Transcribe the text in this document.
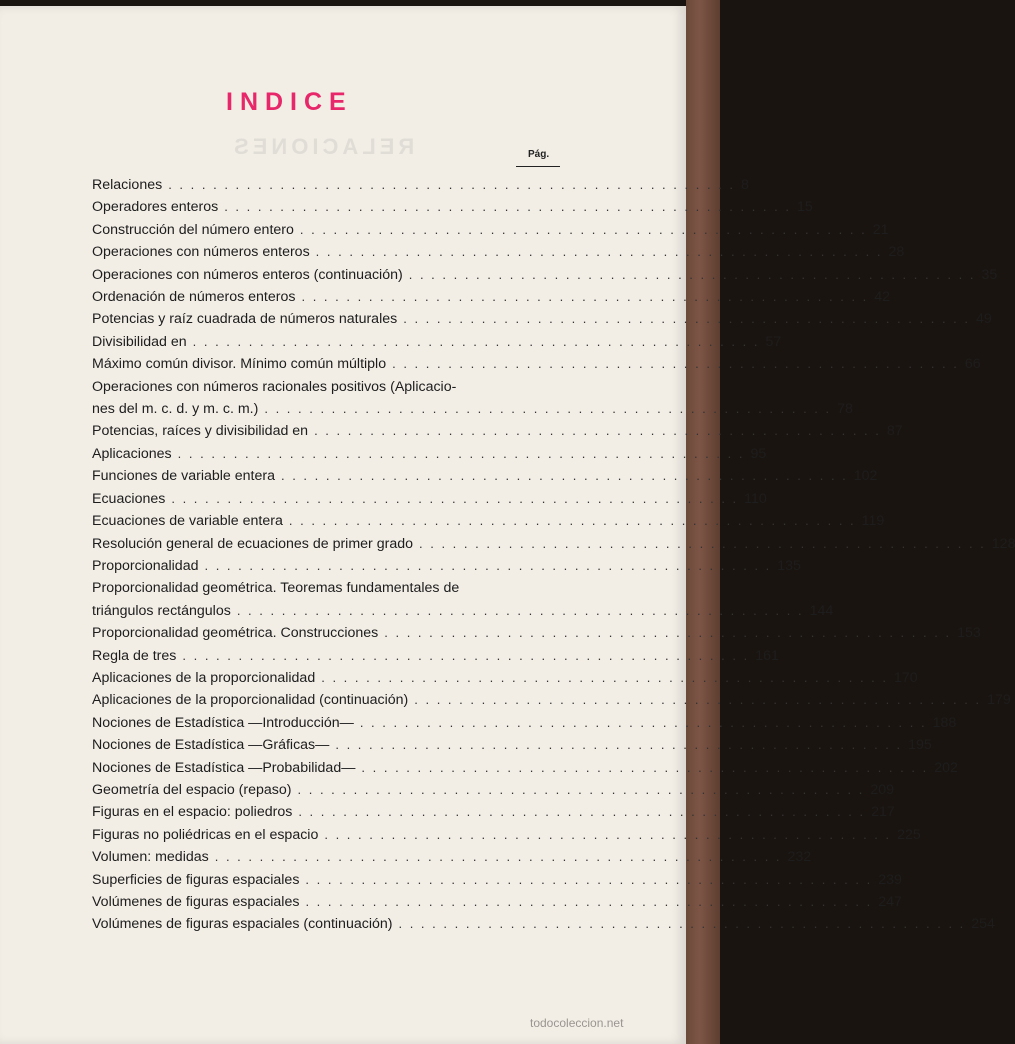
RELACIONES
INDICE
Pág.
Relaciones . . . . . . . . . . . . . . . . . . . . . . . . . . . . . . . . . . . . . . . . . . . . . . . . . . . 8
Operadores enteros . . . . . . . . . . . . . . . . . . . . . . . . . . . . . . . . . . . . . . . . . . . . . . . . . . . 15
Construcción del número entero . . . . . . . . . . . . . . . . . . . . . . . . . . . . . . . . . . . . . . . . . . . . . . . . . . . 21
Operaciones con números enteros . . . . . . . . . . . . . . . . . . . . . . . . . . . . . . . . . . . . . . . . . . . . . . . . . . . 28
Operaciones con números enteros (continuación) . . . . . . . . . . . . . . . . . . . . . . . . . . . . . . . . . . . . . . . . . . . . . . . . . . . 35
Ordenación de números enteros . . . . . . . . . . . . . . . . . . . . . . . . . . . . . . . . . . . . . . . . . . . . . . . . . . . 42
Potencias y raíz cuadrada de números naturales . . . . . . . . . . . . . . . . . . . . . . . . . . . . . . . . . . . . . . . . . . . . . . . . . . . 49
Divisibilidad en . . . . . . . . . . . . . . . . . . . . . . . . . . . . . . . . . . . . . . . . . . . . . . . . . . . 57
Máximo común divisor. Mínimo común múltiplo . . . . . . . . . . . . . . . . . . . . . . . . . . . . . . . . . . . . . . . . . . . . . . . . . . . 66
Operaciones con números racionales positivos (Aplicacio-
nes del m. c. d. y m. c. m.) . . . . . . . . . . . . . . . . . . . . . . . . . . . . . . . . . . . . . . . . . . . . . . . . . . . 78
Potencias, raíces y divisibilidad en . . . . . . . . . . . . . . . . . . . . . . . . . . . . . . . . . . . . . . . . . . . . . . . . . . . 87
Aplicaciones . . . . . . . . . . . . . . . . . . . . . . . . . . . . . . . . . . . . . . . . . . . . . . . . . . . 95
Funciones de variable entera . . . . . . . . . . . . . . . . . . . . . . . . . . . . . . . . . . . . . . . . . . . . . . . . . . . 102
Ecuaciones . . . . . . . . . . . . . . . . . . . . . . . . . . . . . . . . . . . . . . . . . . . . . . . . . . . 110
Ecuaciones de variable entera . . . . . . . . . . . . . . . . . . . . . . . . . . . . . . . . . . . . . . . . . . . . . . . . . . . 119
Resolución general de ecuaciones de primer grado . . . . . . . . . . . . . . . . . . . . . . . . . . . . . . . . . . . . . . . . . . . . . . . . . . . 128
Proporcionalidad . . . . . . . . . . . . . . . . . . . . . . . . . . . . . . . . . . . . . . . . . . . . . . . . . . . 135
Proporcionalidad geométrica. Teoremas fundamentales de
triángulos rectángulos . . . . . . . . . . . . . . . . . . . . . . . . . . . . . . . . . . . . . . . . . . . . . . . . . . . 144
Proporcionalidad geométrica. Construcciones . . . . . . . . . . . . . . . . . . . . . . . . . . . . . . . . . . . . . . . . . . . . . . . . . . . 153
Regla de tres . . . . . . . . . . . . . . . . . . . . . . . . . . . . . . . . . . . . . . . . . . . . . . . . . . . 161
Aplicaciones de la proporcionalidad . . . . . . . . . . . . . . . . . . . . . . . . . . . . . . . . . . . . . . . . . . . . . . . . . . . 170
Aplicaciones de la proporcionalidad (continuación) . . . . . . . . . . . . . . . . . . . . . . . . . . . . . . . . . . . . . . . . . . . . . . . . . . . 179
Nociones de Estadística —Introducción— . . . . . . . . . . . . . . . . . . . . . . . . . . . . . . . . . . . . . . . . . . . . . . . . . . . 188
Nociones de Estadística —Gráficas— . . . . . . . . . . . . . . . . . . . . . . . . . . . . . . . . . . . . . . . . . . . . . . . . . . . 195
Nociones de Estadística —Probabilidad— . . . . . . . . . . . . . . . . . . . . . . . . . . . . . . . . . . . . . . . . . . . . . . . . . . . 202
Geometría del espacio (repaso) . . . . . . . . . . . . . . . . . . . . . . . . . . . . . . . . . . . . . . . . . . . . . . . . . . . 209
Figuras en el espacio: poliedros . . . . . . . . . . . . . . . . . . . . . . . . . . . . . . . . . . . . . . . . . . . . . . . . . . . 217
Figuras no poliédricas en el espacio . . . . . . . . . . . . . . . . . . . . . . . . . . . . . . . . . . . . . . . . . . . . . . . . . . . 225
Volumen: medidas . . . . . . . . . . . . . . . . . . . . . . . . . . . . . . . . . . . . . . . . . . . . . . . . . . . 232
Superficies de figuras espaciales . . . . . . . . . . . . . . . . . . . . . . . . . . . . . . . . . . . . . . . . . . . . . . . . . . . 239
Volúmenes de figuras espaciales . . . . . . . . . . . . . . . . . . . . . . . . . . . . . . . . . . . . . . . . . . . . . . . . . . . 247
Volúmenes de figuras espaciales (continuación) . . . . . . . . . . . . . . . . . . . . . . . . . . . . . . . . . . . . . . . . . . . . . . . . . . . 254
todocoleccion.net
